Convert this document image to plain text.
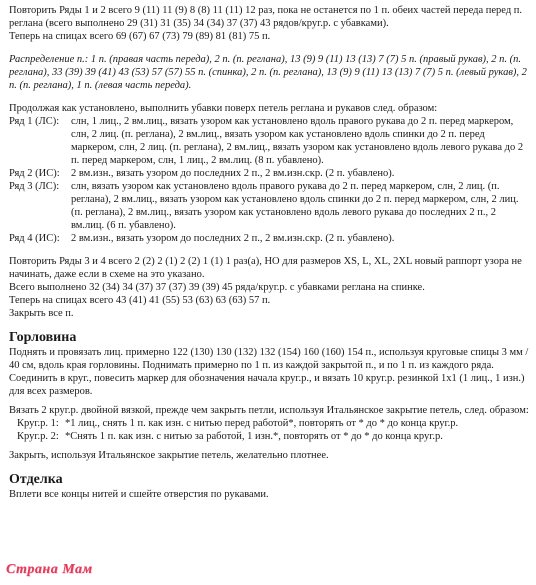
Повторить Ряды 1 и 2 всего 9 (11) 11 (9) 8 (8) 11 (11) 12 раз, пока не останется по 1 п. обеих частей переда перед п. реглана (всего выполнено 29 (31) 31 (35) 34 (34) 37 (37) 43 рядов/круг.р. с убавками).

Теперь на спицах всего 69 (67) 67 (73) 79 (89) 81 (81) 75 п.

Распределение п.: 1 п. (правая часть переда), 2 п. (п. реглана), 13 (9) 9 (11) 13 (13) 7 (7) 5 п. (правый рукав), 2 п. (п. реглана), 33 (39) 39 (41) 43 (53) 57 (57) 55 п. (спинка), 2 п. (п. реглана), 13 (9) 9 (11) 13 (13) 7 (7) 5 п. (левый рукав), 2 п. (п. реглана), 1 п. (левая часть переда).

Продолжая как установлено, выполнить убавки поверх петель реглана и рукавов след. образом:

Ряд 1 (ЛС):	слн, 1 лиц., 2 вм.лиц., вязать узором как установлено вдоль правого рукава до 2 п. перед маркером, слн, 2 лиц. (п. реглана), 2 вм.лиц., вязать узором как установлено вдоль спинки до 2 п. перед маркером, слн, 2 лиц. (п. реглана), 2 вм.лиц., вязать узором как установлено вдоль левого рукава до 2 п. перед маркером, слн, 1 лиц., 2 вм.лиц. (8 п. убавлено).
Ряд 2 (ИС):	2 вм.изн., вязать узором до последних 2 п., 2 вм.изн.скр. (2 п. убавлено).
Ряд 3 (ЛС):	слн, вязать узором как установлено вдоль правого рукава до 2 п. перед маркером, слн, 2 лиц. (п. реглана), 2 вм.лиц., вязать узором как установлено вдоль спинки до 2 п. перед маркером, слн, 2 лиц. (п. реглана), 2 вм.лиц., вязать узором как установлено вдоль левого рукава до последних 2 п., 2 вм.лиц. (6 п. убавлено).
Ряд 4 (ИС):	2 вм.изн., вязать узором до последних 2 п., 2 вм.изн.скр. (2 п. убавлено).

Повторить Ряды 3 и 4 всего 2 (2) 2 (1) 2 (2) 1 (1) 1 раз(а), НО для размеров XS, L, XL, 2XL новый раппорт узора не начинать, даже если в схеме на это указано.

Всего выполнено 32 (34) 34 (37) 37 (37) 39 (39) 45 ряда/круг.р. с убавками реглана на спинке.

Теперь на спицах всего 43 (41) 41 (55) 53 (63) 63 (63) 57 п.

Закрыть все п.

Горловина

Поднять и провязать лиц. примерно 122 (130) 130 (132) 132 (154) 160 (160) 154 п., используя круговые спицы 3 мм / 40 см, вдоль края горловины. Поднимать примерно по 1 п. из каждой закрытой п., и по 1 п. из каждого ряда.

Соединить в круг., повесить маркер для обозначения начала круг.р., и вязать 10 круг.р. резинкой 1x1 (1 лиц., 1 изн.) для всех размеров.

Вязать 2 круг.р. двойной вязкой, прежде чем закрыть петли, используя Итальянское закрытие петель, след. образом:

Круг.р. 1:	*1 лиц., снять 1 п. как изн. с нитью перед работой*, повторять от * до * до конца круг.р.
Круг.р. 2:	*Снять 1 п. как изн. с нитью за работой, 1 изн.*, повторять от * до * до конца круг.р.

Закрыть, используя Итальянское закрытие петель, желательно плотнее.

Отделка

Вплети все концы нитей и сшейте отверстия по рукавами.

Страна Мам
